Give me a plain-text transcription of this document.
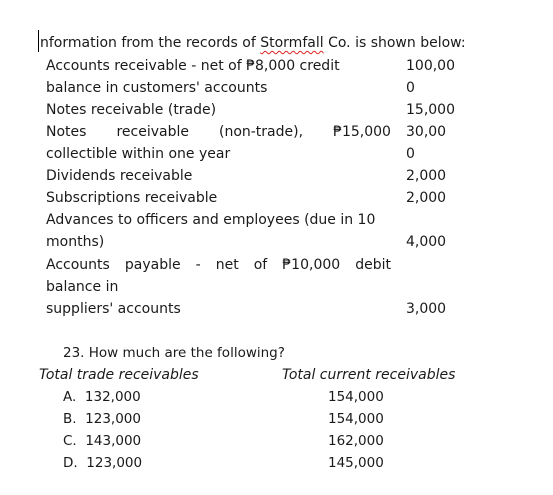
nformation from the records of Stormfall Co. is shown below:
Accounts receivable - net of ₱8,000 credit	100,00
balance in customers' accounts	0
Notes receivable (trade)	15,000
Notes receivable (non-trade), ₱15,000 30,00
collectible within one year	0
Dividends receivable	2,000
Subscriptions receivable	2,000
Advances to officers and employees (due in 10
months)	4,000
Accounts payable - net of ₱10,000 debit
balance in
suppliers' accounts	3,000
23. How much are the following?
Total trade receivables	Total current receivables
A. 132,000	154,000
B. 123,000	154,000
C. 143,000	162,000
D. 123,000	145,000
